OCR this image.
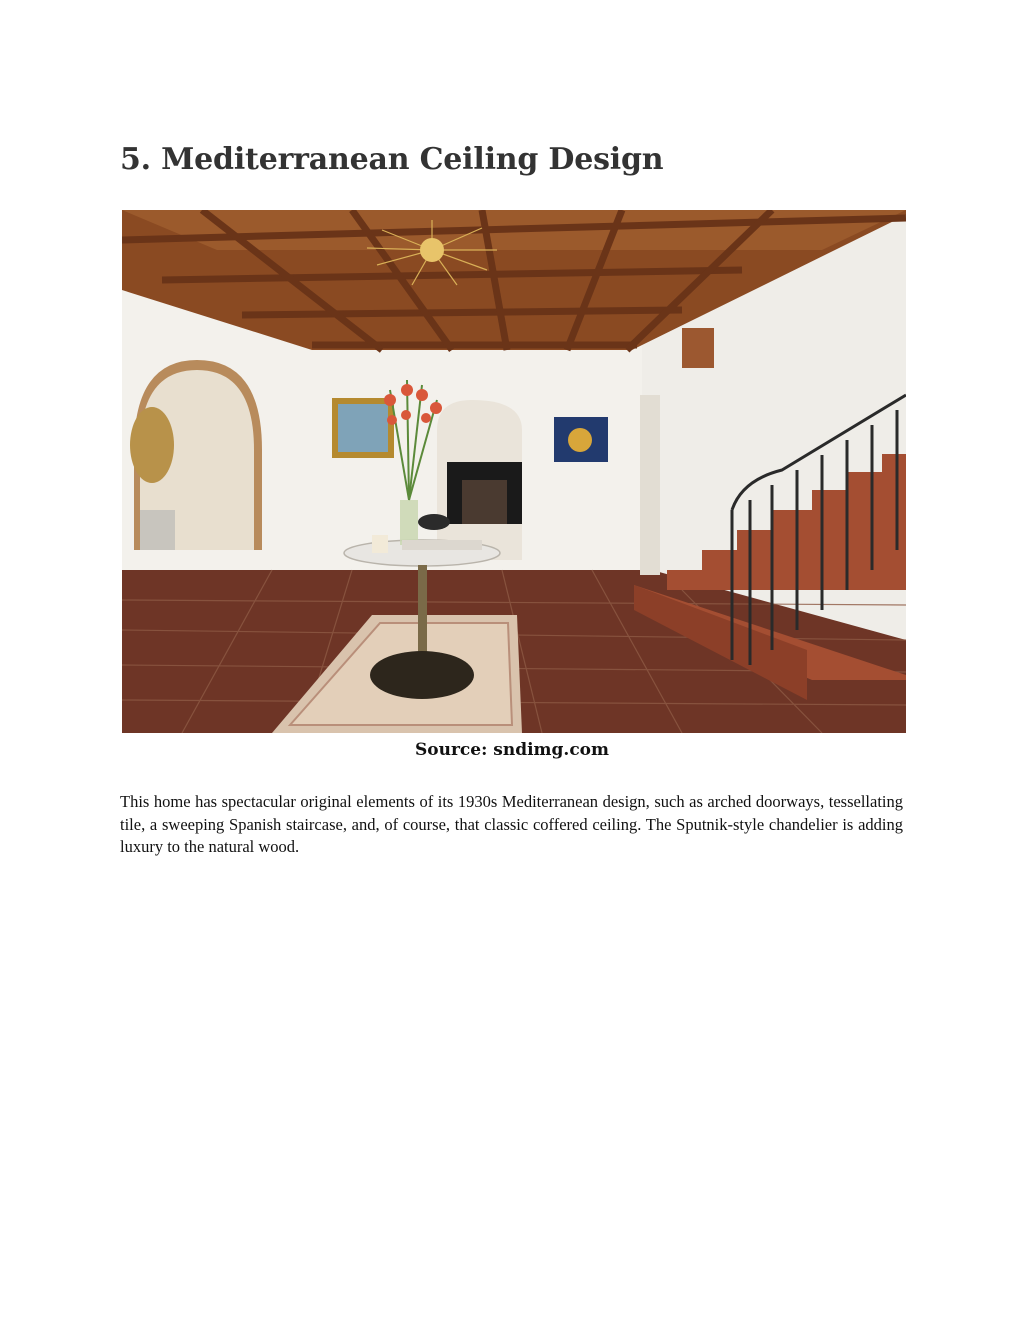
5. Mediterranean Ceiling Design
Source: sndimg.com

This home has spectacular original elements of its 1930s Mediterranean design, such as arched doorways, tessellating tile, a sweeping Spanish staircase, and, of course, that classic coffered ceiling. The Sputnik-style chandelier is adding luxury to the natural wood.
